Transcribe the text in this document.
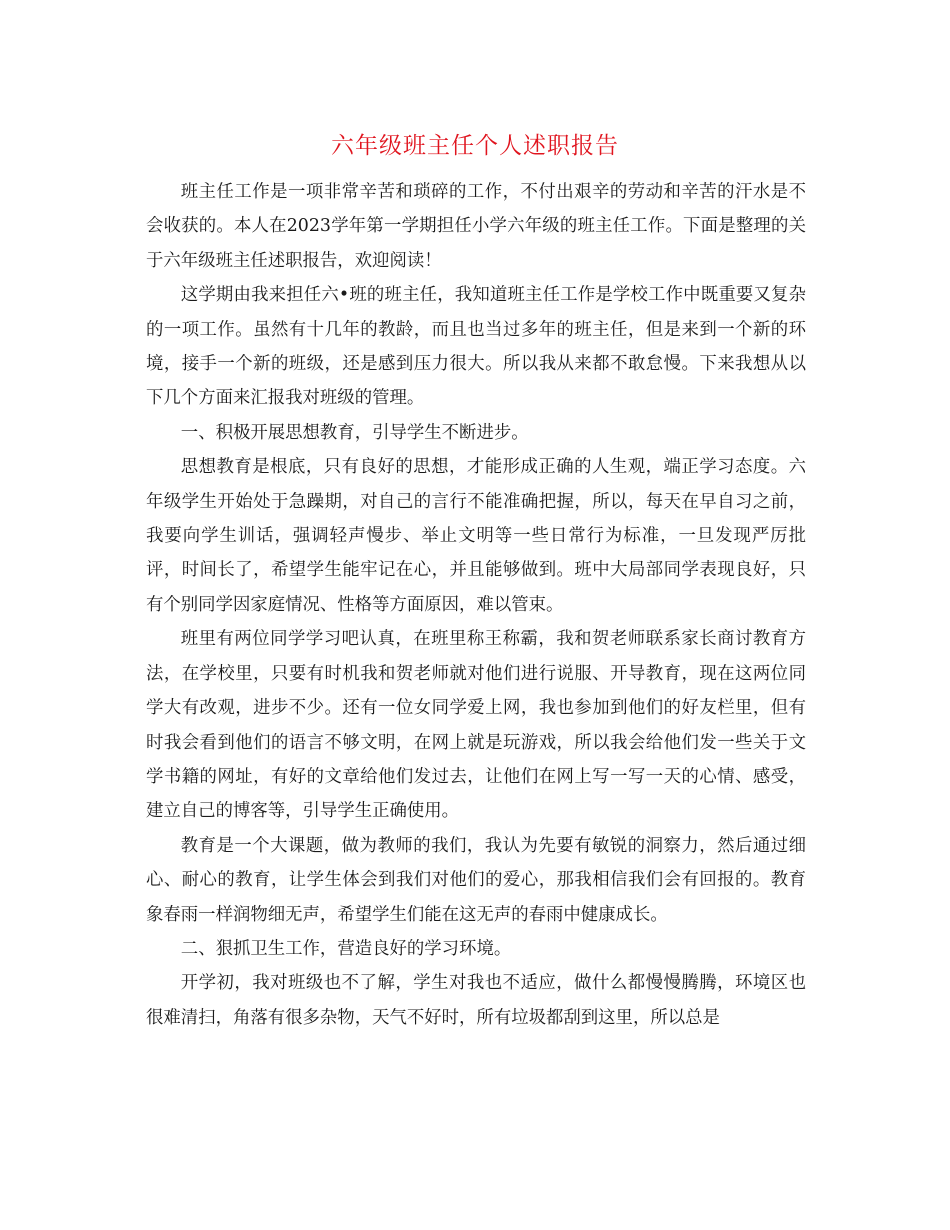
六年级班主任个人述职报告

班主任工作是一项非常辛苦和琐碎的工作，不付出艰辛的劳动和辛苦的汗水是不会收获的。本人在2023学年第一学期担任小学六年级的班主任工作。下面是整理的关于六年级班主任述职报告，欢迎阅读！

这学期由我来担任六•班的班主任，我知道班主任工作是学校工作中既重要又复杂的一项工作。虽然有十几年的教龄，而且也当过多年的班主任，但是来到一个新的环境，接手一个新的班级，还是感到压力很大。所以我从来都不敢怠慢。下来我想从以下几个方面来汇报我对班级的管理。

一、积极开展思想教育，引导学生不断进步。

思想教育是根底，只有良好的思想，才能形成正确的人生观，端正学习态度。六年级学生开始处于急躁期，对自己的言行不能准确把握，所以，每天在早自习之前，我要向学生训话，强调轻声慢步、举止文明等一些日常行为标准，一旦发现严厉批评，时间长了，希望学生能牢记在心，并且能够做到。班中大局部同学表现良好，只有个别同学因家庭情况、性格等方面原因，难以管束。

班里有两位同学学习吧认真，在班里称王称霸，我和贺老师联系家长商讨教育方法，在学校里，只要有时机我和贺老师就对他们进行说服、开导教育，现在这两位同学大有改观，进步不少。还有一位女同学爱上网，我也参加到他们的好友栏里，但有时我会看到他们的语言不够文明，在网上就是玩游戏，所以我会给他们发一些关于文学书籍的网址，有好的文章给他们发过去，让他们在网上写一写一天的心情、感受，建立自己的博客等，引导学生正确使用。

教育是一个大课题，做为教师的我们，我认为先要有敏锐的洞察力，然后通过细心、耐心的教育，让学生体会到我们对他们的爱心，那我相信我们会有回报的。教育象春雨一样润物细无声，希望学生们能在这无声的春雨中健康成长。

二、狠抓卫生工作，营造良好的学习环境。

开学初，我对班级也不了解，学生对我也不适应，做什么都慢慢腾腾，环境区也很难清扫，角落有很多杂物，天气不好时，所有垃圾都刮到这里，所以总是
